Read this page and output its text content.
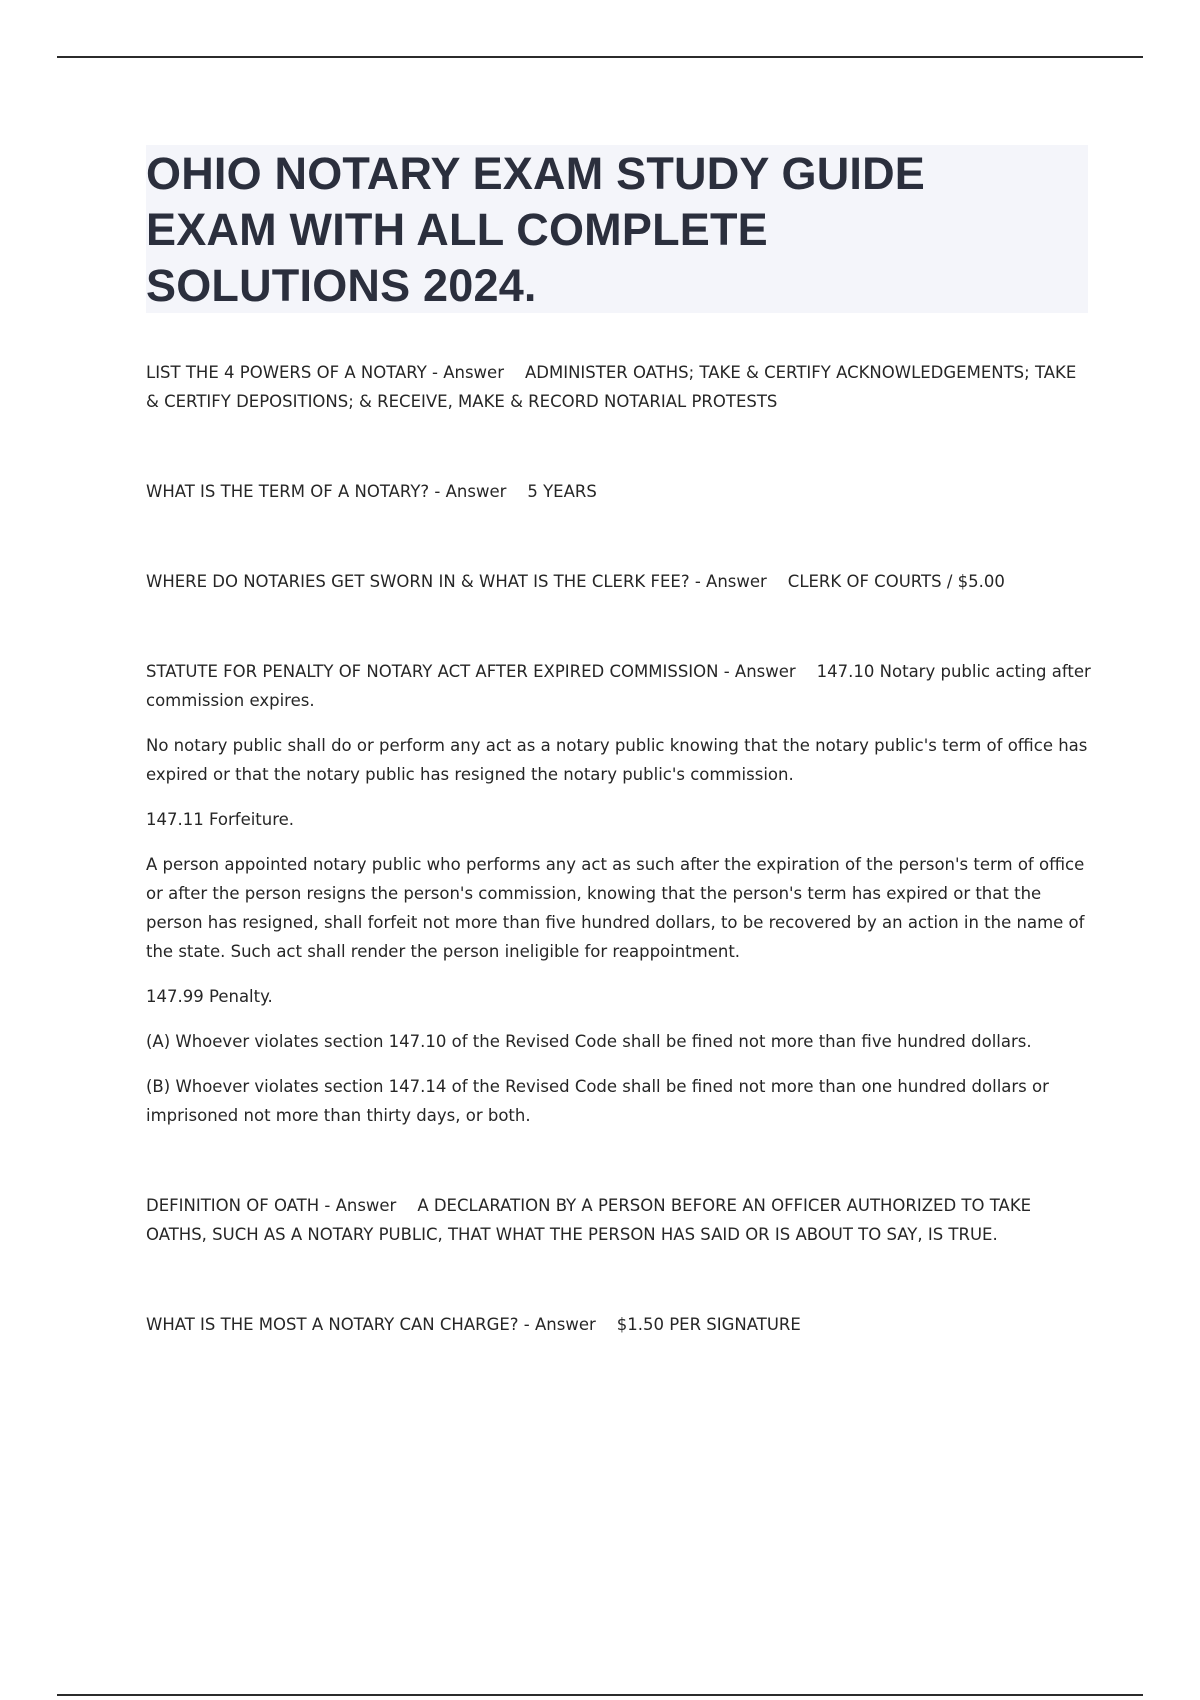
OHIO NOTARY EXAM STUDY GUIDE
EXAM WITH ALL COMPLETE
SOLUTIONS 2024.

LIST THE 4 POWERS OF A NOTARY - Answer    ADMINISTER OATHS; TAKE & CERTIFY ACKNOWLEDGEMENTS; TAKE & CERTIFY DEPOSITIONS; & RECEIVE, MAKE & RECORD NOTARIAL PROTESTS

WHAT IS THE TERM OF A NOTARY? - Answer    5 YEARS

WHERE DO NOTARIES GET SWORN IN & WHAT IS THE CLERK FEE? - Answer    CLERK OF COURTS / $5.00

STATUTE FOR PENALTY OF NOTARY ACT AFTER EXPIRED COMMISSION - Answer    147.10 Notary public acting after commission expires.

No notary public shall do or perform any act as a notary public knowing that the notary public's term of office has expired or that the notary public has resigned the notary public's commission.

147.11 Forfeiture.

A person appointed notary public who performs any act as such after the expiration of the person's term of office or after the person resigns the person's commission, knowing that the person's term has expired or that the person has resigned, shall forfeit not more than five hundred dollars, to be recovered by an action in the name of the state. Such act shall render the person ineligible for reappointment.

147.99 Penalty.

(A) Whoever violates section 147.10 of the Revised Code shall be fined not more than five hundred dollars.

(B) Whoever violates section 147.14 of the Revised Code shall be fined not more than one hundred dollars or imprisoned not more than thirty days, or both.

DEFINITION OF OATH - Answer    A DECLARATION BY A PERSON BEFORE AN OFFICER AUTHORIZED TO TAKE OATHS, SUCH AS A NOTARY PUBLIC, THAT WHAT THE PERSON HAS SAID OR IS ABOUT TO SAY, IS TRUE.

WHAT IS THE MOST A NOTARY CAN CHARGE? - Answer    $1.50 PER SIGNATURE
